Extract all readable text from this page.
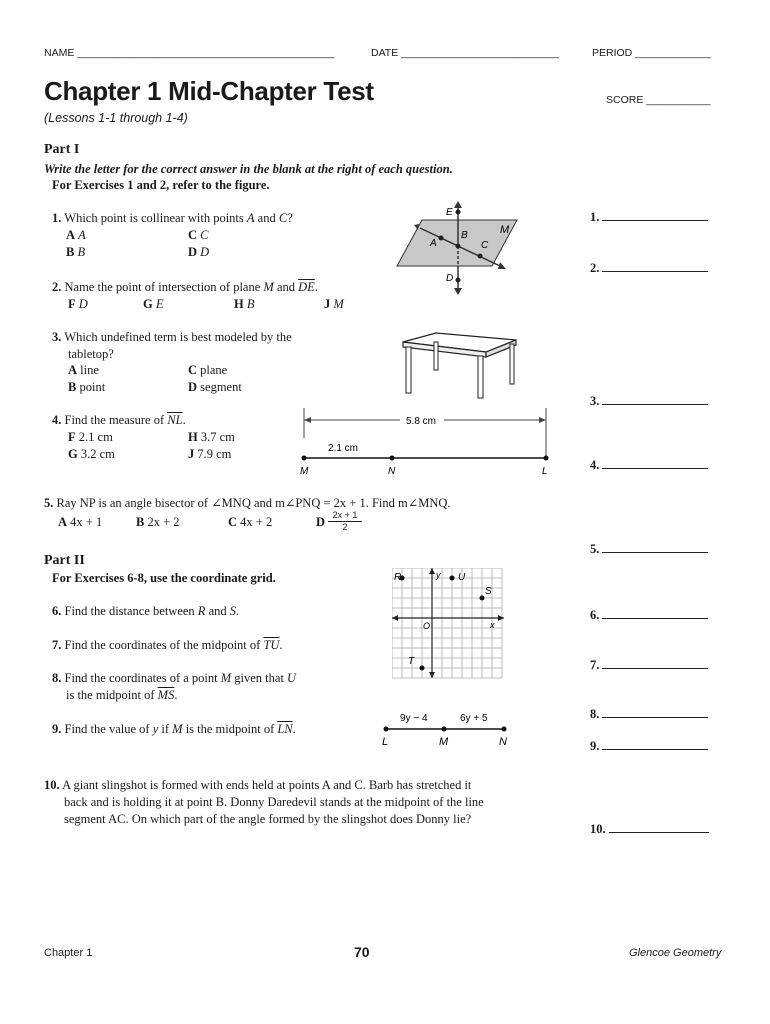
NAME ____________________________________________	DATE ___________________________	PERIOD _____________
Chapter 1 Mid-Chapter Test
(Lessons 1-1 through 1-4)
SCORE ___________
Part I
Write the letter for the correct answer in the blank at the right of each question.
For Exercises 1 and 2, refer to the figure.
1. Which point is collinear with points A and C?
A A	C C
B B	D D
2. Name the point of intersection of plane M and $\overline{DE}$.
F D	G E	H B	J M
E
A
B
C
D
M
3. Which undefined term is best modeled by the
tabletop?
A line	C plane
B point	D segment
4. Find the measure of $\overline{NL}$.
F 2.1 cm	H 3.7 cm
G 3.2 cm	J 7.9 cm
5.8 cm
2.1 cm
M	N	L
5. Ray NP is an angle bisector of ∠MNQ and m∠PNQ = 2x + 1. Find m∠MNQ.
A 4x + 1	B 2x + 2	C 4x + 2	D $\frac{2x + 1}{2}$
Part II
For Exercises 6-8, use the coordinate grid.
6. Find the distance between R and S.
7. Find the coordinates of the midpoint of $\overline{TU}$.
8. Find the coordinates of a point M given that U
is the midpoint of $\overline{MS}$.
9. Find the value of y if M is the midpoint of $\overline{LN}$.
R	y U
S
O	x
T
9y − 4	6y + 5
L	M	N
10. A giant slingshot is formed with ends held at points A and C. Barb has stretched it
back and is holding it at point B. Donny Daredevil stands at the midpoint of the line
segment AC. On which part of the angle formed by the slingshot does Donny lie?
1.
2.
3.
4.
5.
6.
7.
8.
9.
10.
Chapter 1	70	Glencoe Geometry
